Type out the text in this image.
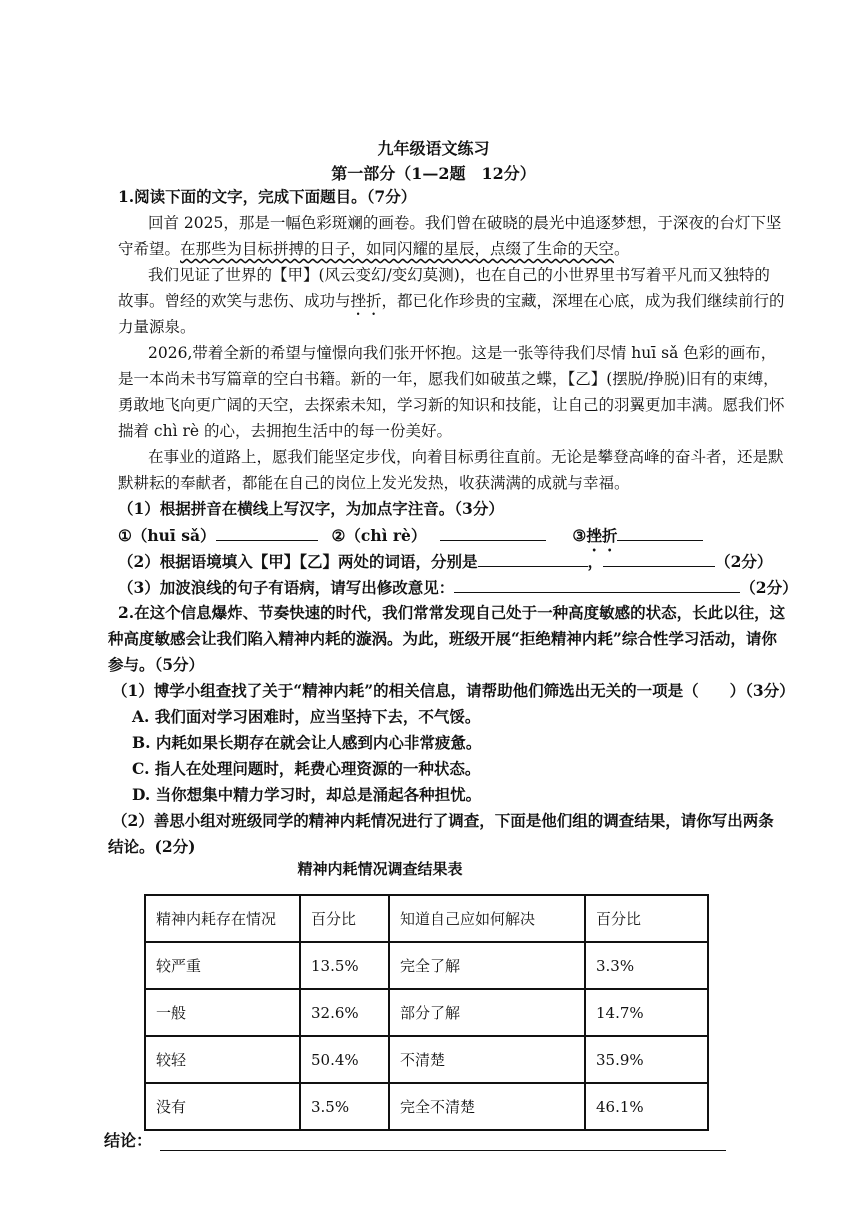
九年级语文练习
第一部分（1—2题　12分）
1.阅读下面的文字，完成下面题目。（7分）
回首 2025，那是一幅色彩斑斓的画卷。我们曾在破晓的晨光中追逐梦想，于深夜的台灯下坚
守希望。在那些为目标拼搏的日子，如同闪耀的星辰，点缀了生命的天空。
我们见证了世界的【甲】(风云变幻/变幻莫测)，也在自己的小世界里书写着平凡而又独特的
故事。曾经的欢笑与悲伤、成功与挫折，都已化作珍贵的宝藏，深埋在心底，成为我们继续前行的
力量源泉。
2026,带着全新的希望与憧憬向我们张开怀抱。这是一张等待我们尽情 huī sǎ 色彩的画布，
是一本尚未书写篇章的空白书籍。新的一年，愿我们如破茧之蝶，【乙】(摆脱/挣脱)旧有的束缚，
勇敢地飞向更广阔的天空，去探索未知，学习新的知识和技能，让自己的羽翼更加丰满。愿我们怀
揣着 chì rè 的心，去拥抱生活中的每一份美好。
在事业的道路上，愿我们能坚定步伐，向着目标勇往直前。无论是攀登高峰的奋斗者，还是默
默耕耘的奉献者，都能在自己的岗位上发光发热，收获满满的成就与幸福。
（1）根据拼音在横线上写汉字，为加点字注音。（3分）
①（huī sǎ）	②（chì rè）	③挫折
（2）根据语境填入【甲】【乙】两处的词语，分别是	，	（2分）
（3）加波浪线的句子有语病，请写出修改意见：	（2分）
2.在这个信息爆炸、节奏快速的时代，我们常常发现自己处于一种高度敏感的状态，长此以往，这
种高度敏感会让我们陷入精神内耗的漩涡。为此，班级开展“拒绝精神内耗”综合性学习活动，请你
参与。（5分）
（1）博学小组查找了关于“精神内耗”的相关信息，请帮助他们筛选出无关的一项是（　　）（3分）
A. 我们面对学习困难时，应当坚持下去，不气馁。
B. 内耗如果长期存在就会让人感到内心非常疲惫。
C. 指人在处理问题时，耗费心理资源的一种状态。
D. 当你想集中精力学习时，却总是涌起各种担忧。
（2）善思小组对班级同学的精神内耗情况进行了调查，下面是他们组的调查结果，请你写出两条
结论。(2分)
精神内耗情况调查结果表
精神内耗存在情况	百分比	知道自己应如何解决	百分比
较严重	13.5%	完全了解	3.3%
一般	32.6%	部分了解	14.7%
较轻	50.4%	不清楚	35.9%
没有	3.5%	完全不清楚	46.1%
结论：
